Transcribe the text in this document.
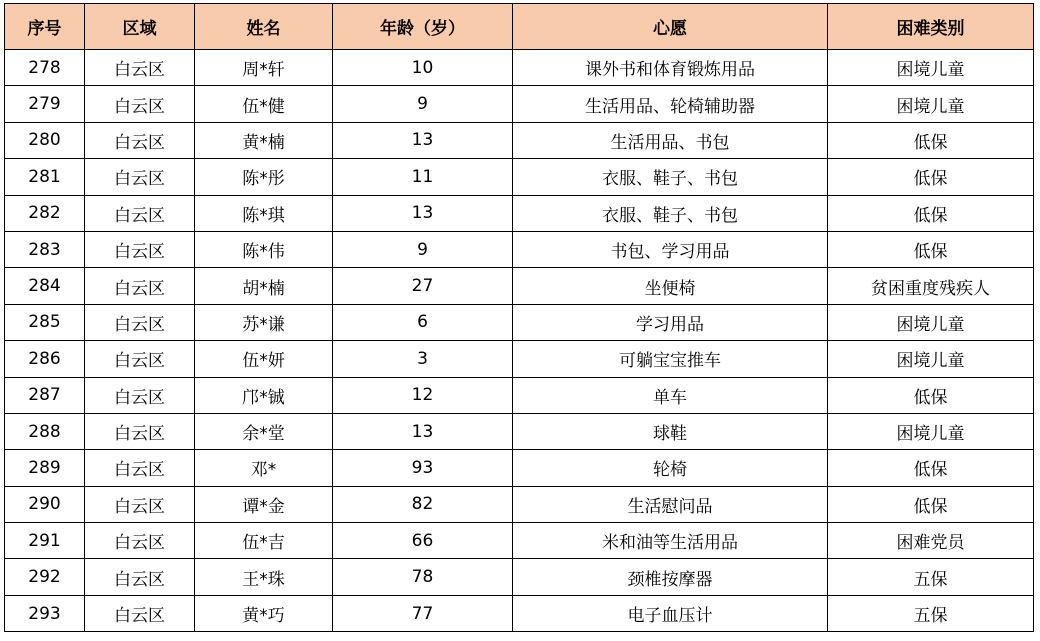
序号	区域	姓名	年龄（岁）	心愿	困难类别
278	白云区	周*轩	10	课外书和体育锻炼用品	困境儿童
279	白云区	伍*健	9	生活用品、轮椅辅助器	困境儿童
280	白云区	黄*楠	13	生活用品、书包	低保
281	白云区	陈*彤	11	衣服、鞋子、书包	低保
282	白云区	陈*琪	13	衣服、鞋子、书包	低保
283	白云区	陈*伟	9	书包、学习用品	低保
284	白云区	胡*楠	27	坐便椅	贫困重度残疾人
285	白云区	苏*谦	6	学习用品	困境儿童
286	白云区	伍*妍	3	可躺宝宝推车	困境儿童
287	白云区	邝*铖	12	单车	低保
288	白云区	余*堂	13	球鞋	困境儿童
289	白云区	邓*	93	轮椅	低保
290	白云区	谭*金	82	生活慰问品	低保
291	白云区	伍*吉	66	米和油等生活用品	困难党员
292	白云区	王*珠	78	颈椎按摩器	五保
293	白云区	黄*巧	77	电子血压计	五保
